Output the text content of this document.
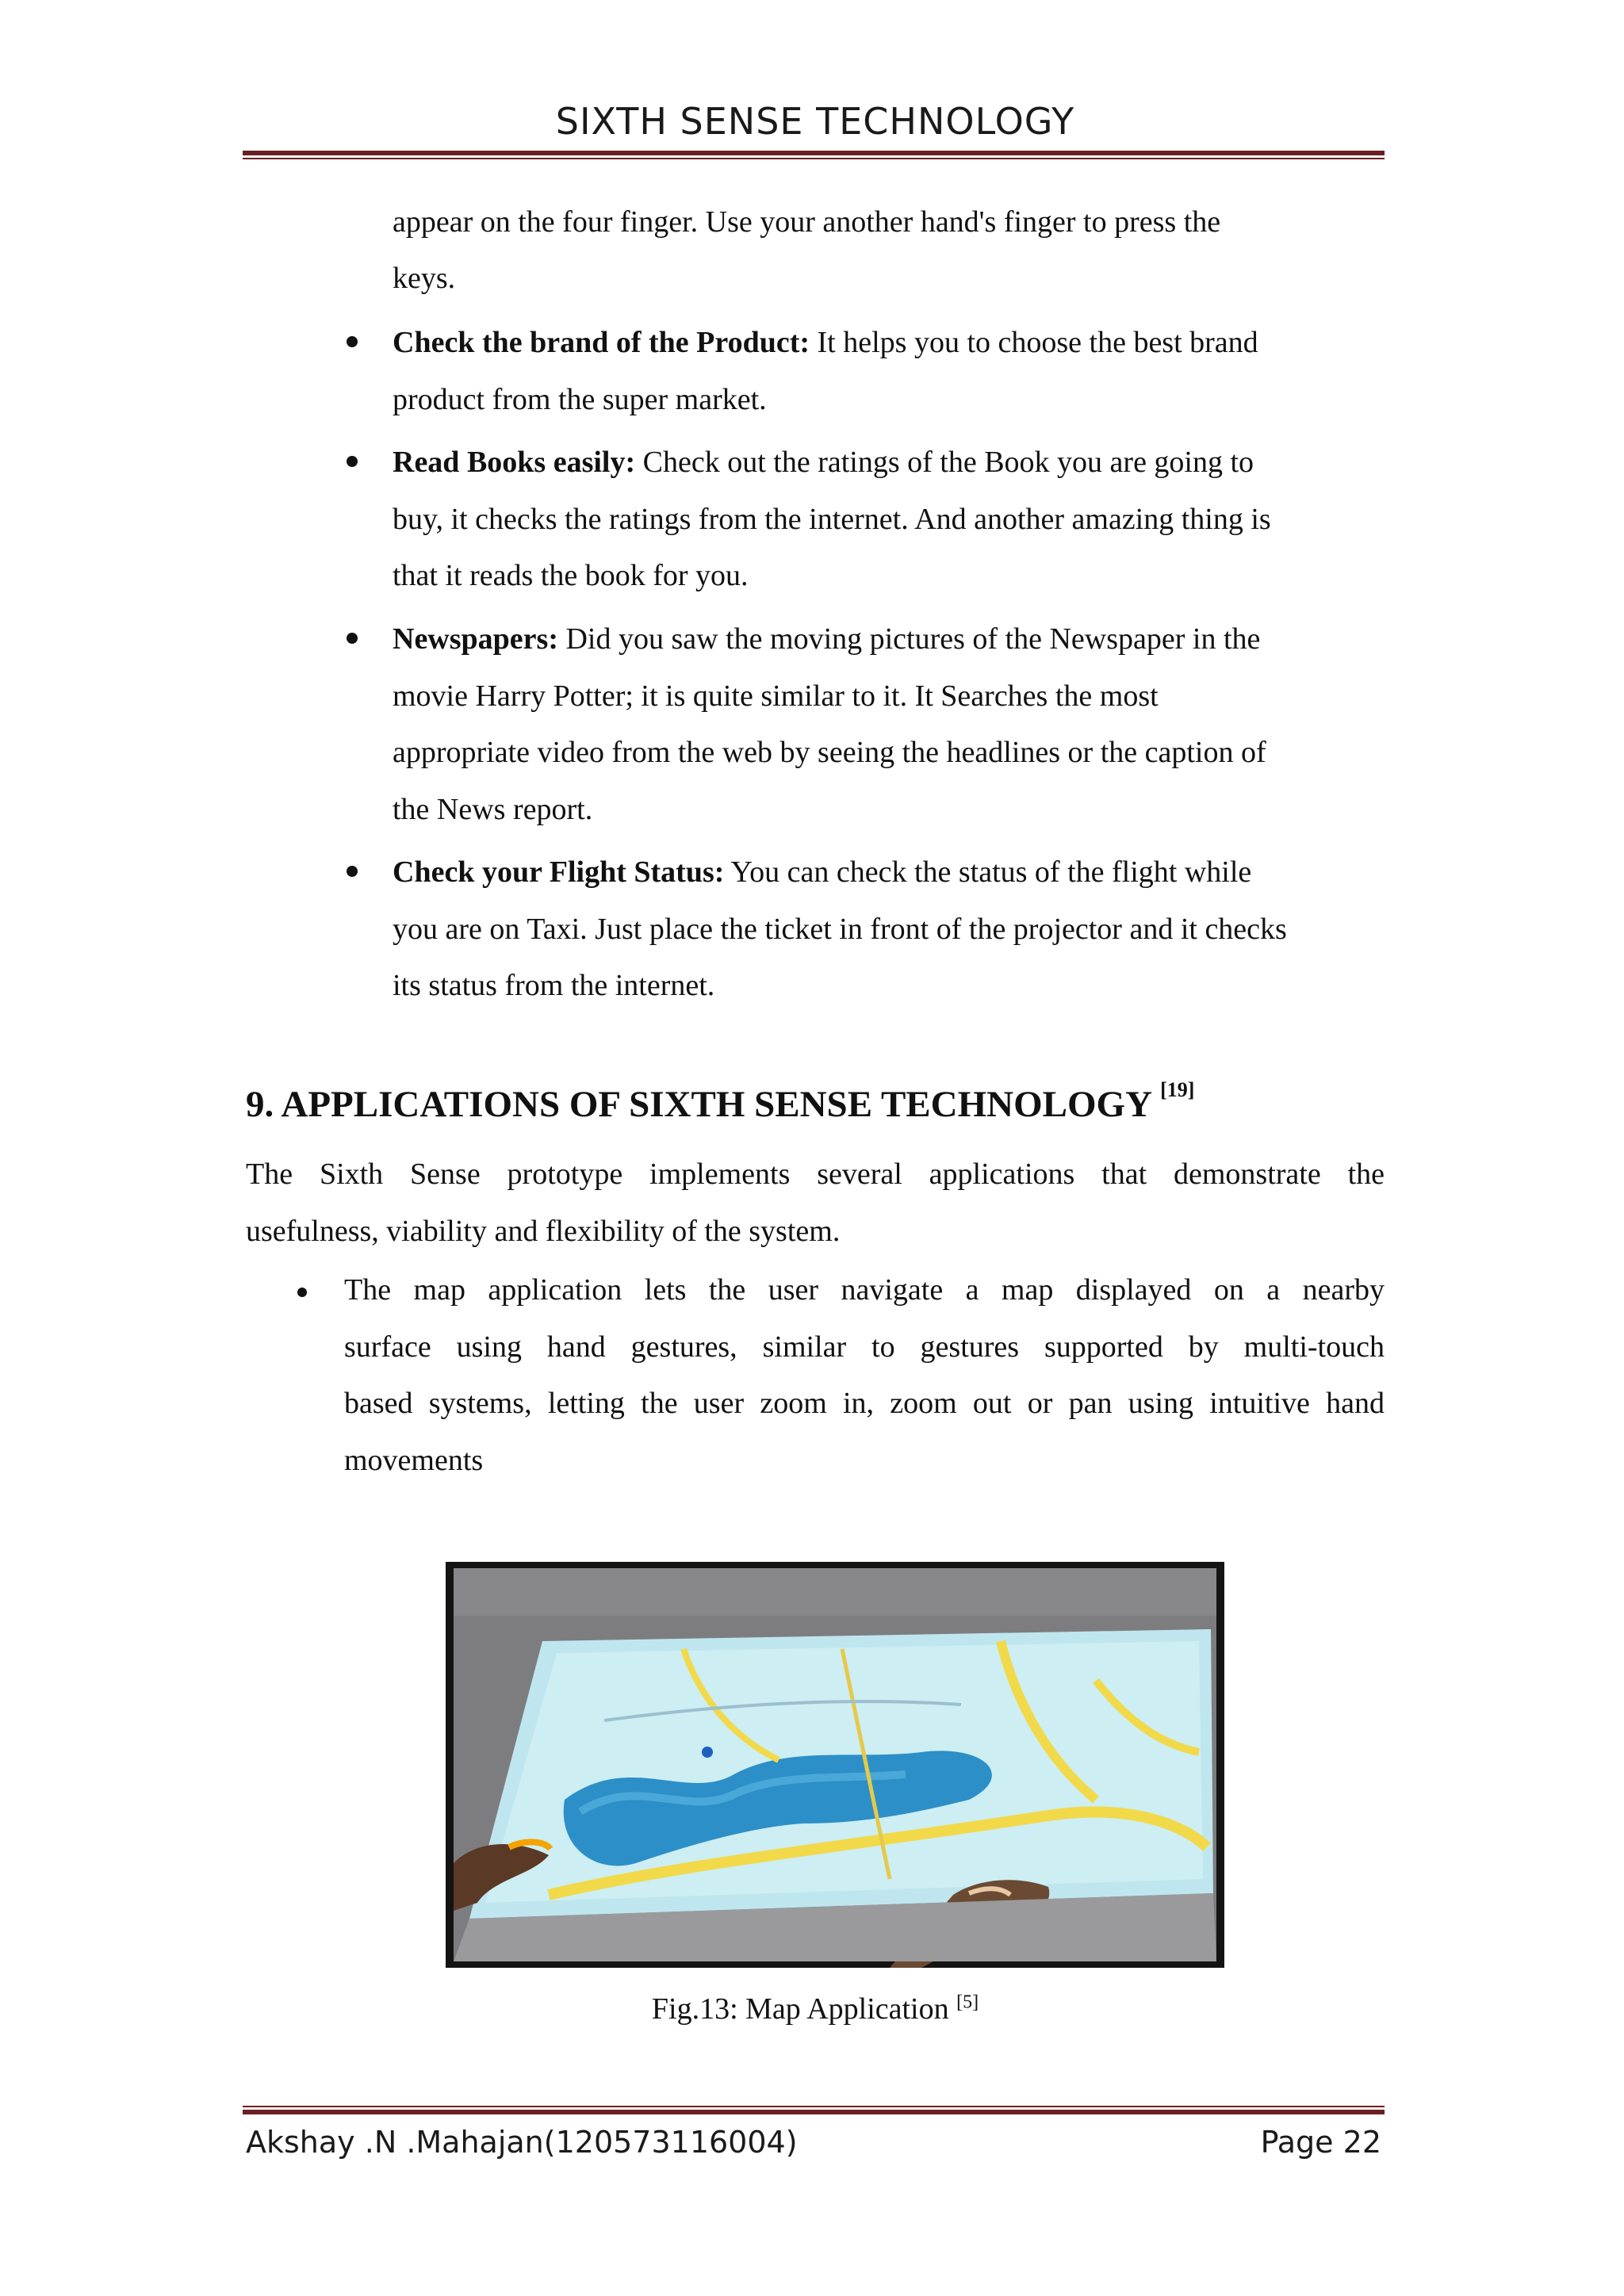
SIXTH SENSE TECHNOLOGY
appear on the four finger. Use your another hand's finger to press the
keys.
Check the brand of the Product: It helps you to choose the best brand
product from the super market.
Read Books easily: Check out the ratings of the Book you are going to
buy, it checks the ratings from the internet. And another amazing thing is
that it reads the book for you.
Newspapers: Did you saw the moving pictures of the Newspaper in the
movie Harry Potter; it is quite similar to it. It Searches the most
appropriate video from the web by seeing the headlines or the caption of
the News report.
Check your Flight Status: You can check the status of the flight while
you are on Taxi. Just place the ticket in front of the projector and it checks
its status from the internet.
9. APPLICATIONS OF SIXTH SENSE TECHNOLOGY [19]
The Sixth Sense prototype implements several applications that demonstrate the
usefulness, viability and flexibility of the system.
The map application lets the user navigate a map displayed on a nearby
surface using hand gestures, similar to gestures supported by multi-touch
based systems, letting the user zoom in, zoom out or pan using intuitive hand
movements
Fig.13: Map Application [5]
Akshay .N .Mahajan(120573116004)	Page 22
